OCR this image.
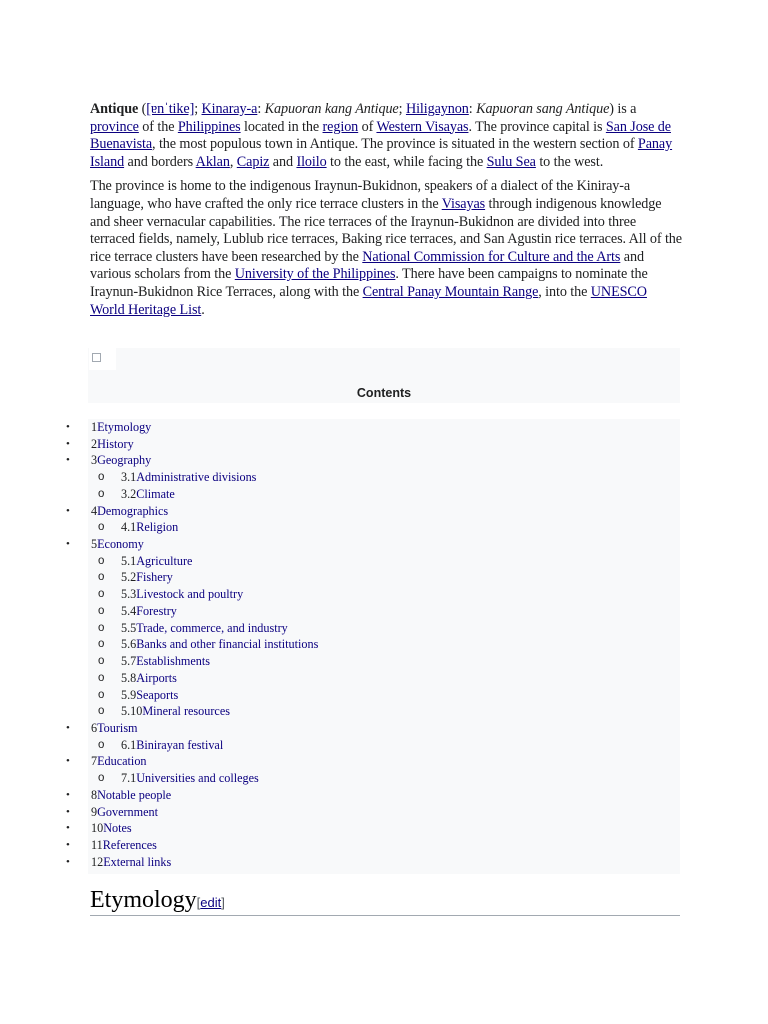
Antique ([ɐnˈtike]; Kinaray-a: Kapuoran kang Antique; Hiligaynon: Kapuoran sang Antique) is a province of the Philippines located in the region of Western Visayas. The province capital is San Jose de Buenavista, the most populous town in Antique. The province is situated in the western section of Panay Island and borders Aklan, Capiz and Iloilo to the east, while facing the Sulu Sea to the west.

The province is home to the indigenous Iraynun-Bukidnon, speakers of a dialect of the Kiniray-a language, who have crafted the only rice terrace clusters in the Visayas through indigenous knowledge and sheer vernacular capabilities. The rice terraces of the Iraynun-Bukidnon are divided into three terraced fields, namely, Lublub rice terraces, Baking rice terraces, and San Agustin rice terraces. All of the rice terrace clusters have been researched by the National Commission for Culture and the Arts and various scholars from the University of the Philippines. There have been campaigns to nominate the Iraynun-Bukidnon Rice Terraces, along with the Central Panay Mountain Range, into the UNESCO World Heritage List.

Contents
• 1Etymology
• 2History
• 3Geography
o 3.1Administrative divisions
o 3.2Climate
• 4Demographics
o 4.1Religion
• 5Economy
o 5.1Agriculture
o 5.2Fishery
o 5.3Livestock and poultry
o 5.4Forestry
o 5.5Trade, commerce, and industry
o 5.6Banks and other financial institutions
o 5.7Establishments
o 5.8Airports
o 5.9Seaports
o 5.10Mineral resources
• 6Tourism
o 6.1Binirayan festival
• 7Education
o 7.1Universities and colleges
• 8Notable people
• 9Government
• 10Notes
• 11References
• 12External links
Etymology[edit]
